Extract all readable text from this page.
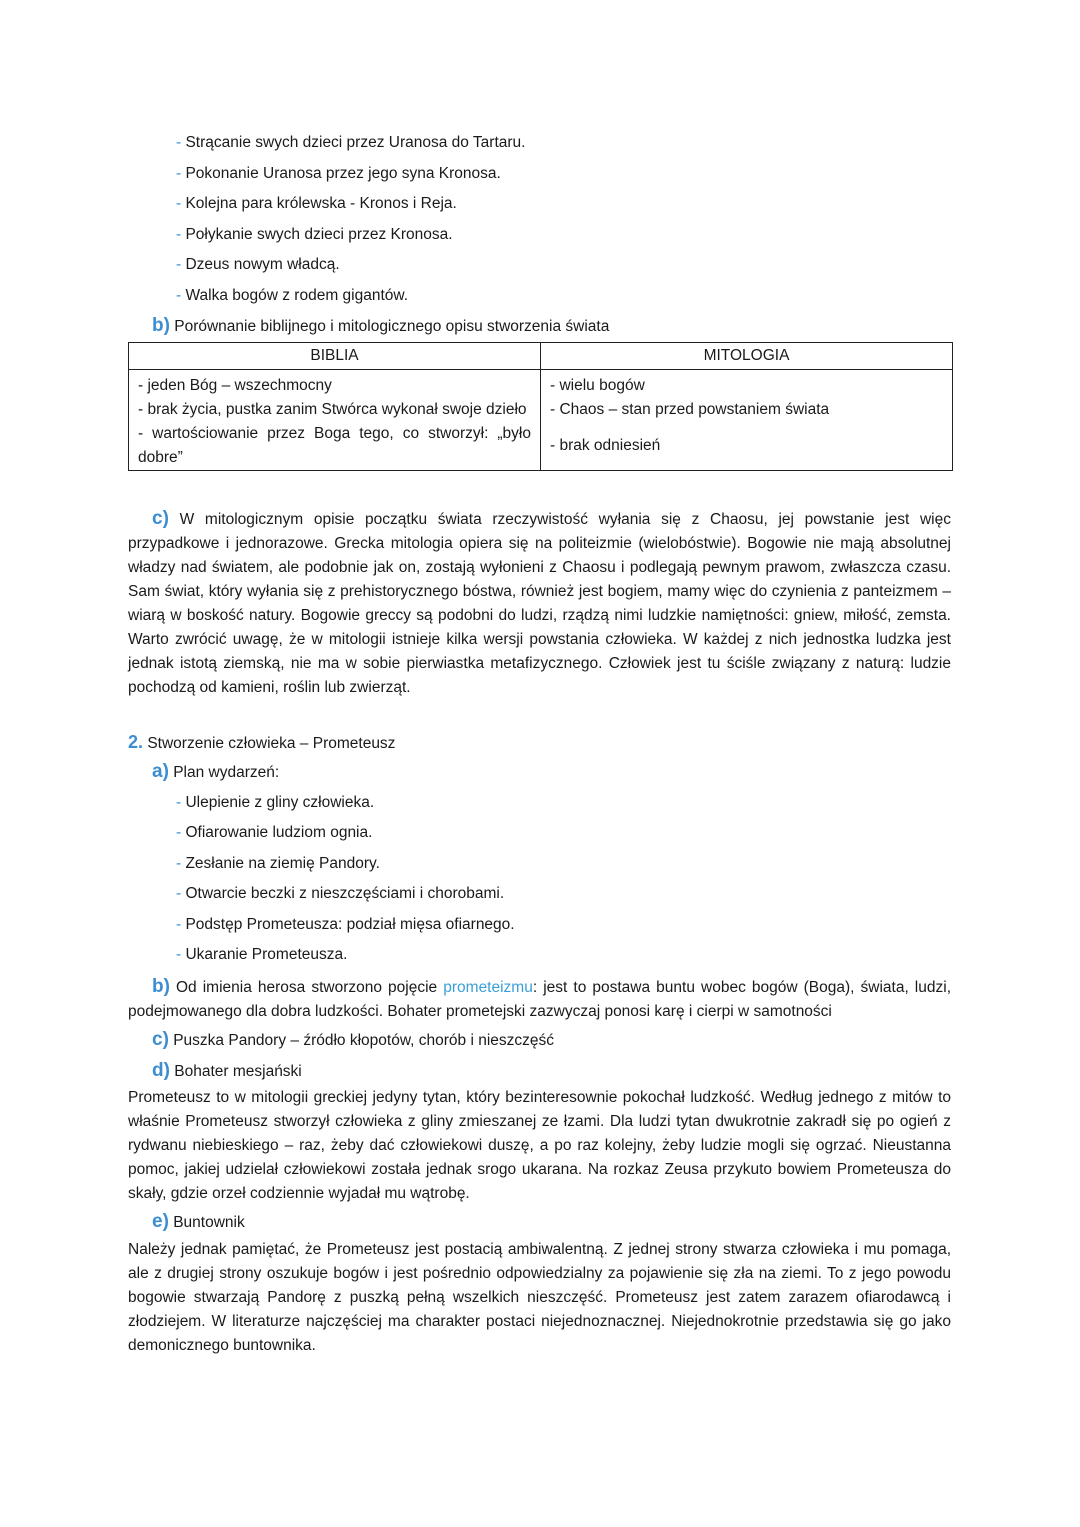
- Strącanie swych dzieci przez Uranosa do Tartaru.
- Pokonanie Uranosa przez jego syna Kronosa.
- Kolejna para królewska - Kronos i Reja.
- Połykanie swych dzieci przez Kronosa.
- Dzeus nowym władcą.
- Walka bogów z rodem gigantów.
b) Porównanie biblijnego i mitologicznego opisu stworzenia świata
BIBLIA	MITOLOGIA

- jeden Bóg – wszechmocny	- wielu bogów

- brak życia, pustka zanim Stwórca wykonał swoje dzieło	- Chaos – stan przed powstaniem świata

- wartościowanie przez Boga tego, co stworzył: „było dobre”	- brak odniesień

c) W mitologicznym opisie początku świata rzeczywistość wyłania się z Chaosu, jej powstanie jest więc przypadkowe i jednorazowe. Grecka mitologia opiera się na politeizmie (wielobóstwie). Bogowie nie mają absolutnej władzy nad światem, ale podobnie jak on, zostają wyłonieni z Chaosu i podlegają pewnym prawom, zwłaszcza czasu. Sam świat, który wyłania się z prehistorycznego bóstwa, również jest bogiem, mamy więc do czynienia z panteizmem – wiarą w boskość natury. Bogowie greccy są podobni do ludzi, rządzą nimi ludzkie namiętności: gniew, miłość, zemsta. Warto zwrócić uwagę, że w mitologii istnieje kilka wersji powstania człowieka. W każdej z nich jednostka ludzka jest jednak istotą ziemską, nie ma w sobie pierwiastka metafizycznego. Człowiek jest tu ściśle związany z naturą: ludzie pochodzą od kamieni, roślin lub zwierząt.

2. Stworzenie człowieka – Prometeusz
a) Plan wydarzeń:
- Ulepienie z gliny człowieka.
- Ofiarowanie ludziom ognia.
- Zesłanie na ziemię Pandory.
- Otwarcie beczki z nieszczęściami i chorobami.
- Podstęp Prometeusza: podział mięsa ofiarnego.
- Ukaranie Prometeusza.

b) Od imienia herosa stworzono pojęcie prometeizmu: jest to postawa buntu wobec bogów (Boga), świata, ludzi, podejmowanego dla dobra ludzkości. Bohater prometejski zazwyczaj ponosi karę i cierpi w samotności

c) Puszka Pandory – źródło kłopotów, chorób i nieszczęść
d) Bohater mesjański

Prometeusz to w mitologii greckiej jedyny tytan, który bezinteresownie pokochał ludzkość. Według jednego z mitów to właśnie Prometeusz stworzył człowieka z gliny zmieszanej ze łzami. Dla ludzi tytan dwukrotnie zakradł się po ogień z rydwanu niebieskiego – raz, żeby dać człowiekowi duszę, a po raz kolejny, żeby ludzie mogli się ogrzać. Nieustanna pomoc, jakiej udzielał człowiekowi została jednak srogo ukarana. Na rozkaz Zeusa przykuto bowiem Prometeusza do skały, gdzie orzeł codziennie wyjadał mu wątrobę.

e) Buntownik

Należy jednak pamiętać, że Prometeusz jest postacią ambiwalentną. Z jednej strony stwarza człowieka i mu pomaga, ale z drugiej strony oszukuje bogów i jest pośrednio odpowiedzialny za pojawienie się zła na ziemi. To z jego powodu bogowie stwarzają Pandorę z puszką pełną wszelkich nieszczęść. Prometeusz jest zatem zarazem ofiarodawcą i złodziejem. W literaturze najczęściej ma charakter postaci niejednoznacznej. Niejednokrotnie przedstawia się go jako demonicznego buntownika.
